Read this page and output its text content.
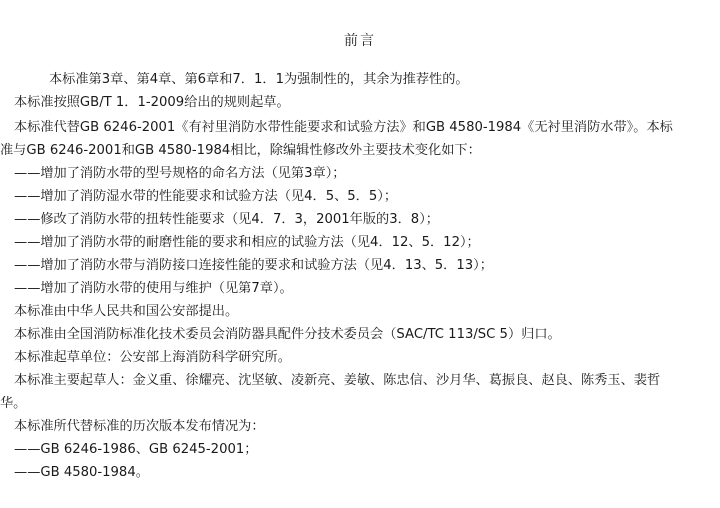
前言
本标准第3章、第4章、第6章和7．1．1为强制性的，其余为推荐性的。
本标准按照GB/T 1．1-2009给出的规则起草。
本标准代替GB 6246-2001《有衬里消防水带性能要求和试验方法》和GB 4580-1984《无衬里消防水带》。本标
准与GB 6246-2001和GB 4580-1984相比，除编辑性修改外主要技术变化如下：
——增加了消防水带的型号规格的命名方法（见第3章）；
——增加了消防湿水带的性能要求和试验方法（见4．5、5．5）；
——修改了消防水带的扭转性能要求（见4．7．3，2001年版的3．8）；
——增加了消防水带的耐磨性能的要求和相应的试验方法（见4．12、5．12）；
——增加了消防水带与消防接口连接性能的要求和试验方法（见4．13、5．13）；
——增加了消防水带的使用与维护（见第7章）。
本标准由中华人民共和国公安部提出。
本标准由全国消防标准化技术委员会消防器具配件分技术委员会（SAC/TC 113/SC 5）归口。
本标准起草单位：公安部上海消防科学研究所。
本标准主要起草人：金义重、徐耀亮、沈坚敏、凌新亮、姜敏、陈忠信、沙月华、葛振良、赵良、陈秀玉、裴哲
华。
本标准所代替标准的历次版本发布情况为：
——GB 6246-1986、GB 6245-2001；
——GB 4580-1984。
